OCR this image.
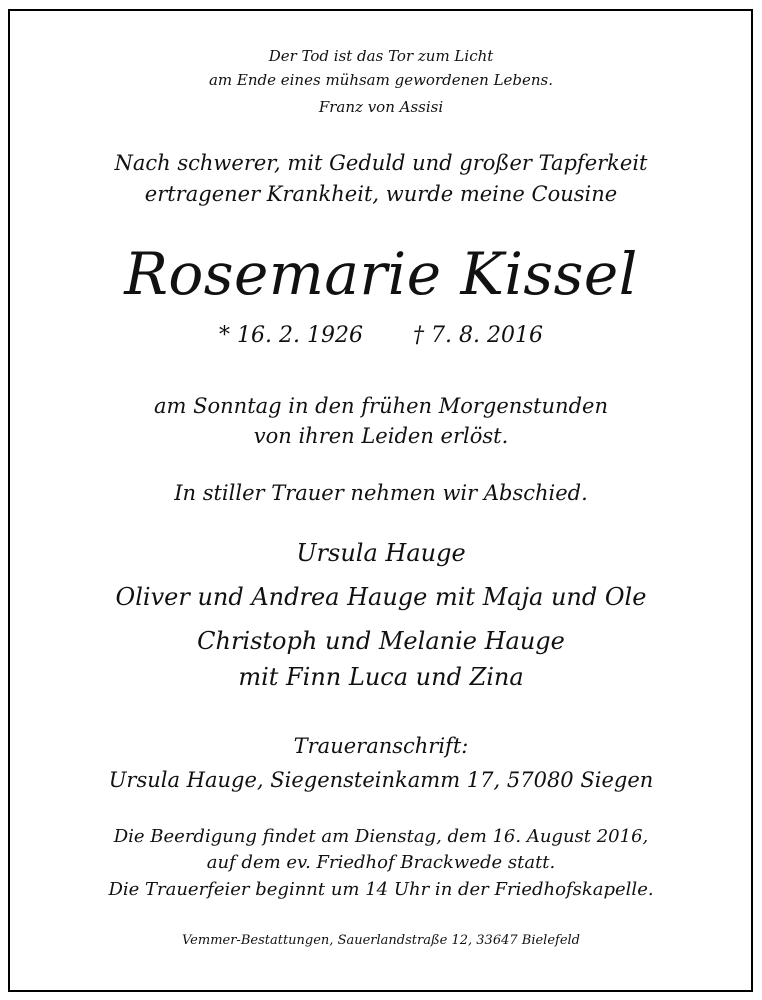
Der Tod ist das Tor zum Licht

am Ende eines mühsam gewordenen Lebens.

Franz von Assisi

Nach schwerer, mit Geduld und großer Tapferkeit

ertragener Krankheit, wurde meine Cousine

Rosemarie Kissel

* 16. 2. 1926 † 7. 8. 2016

am Sonntag in den frühen Morgenstunden

von ihren Leiden erlöst.

In stiller Trauer nehmen wir Abschied.

Ursula Hauge

Oliver und Andrea Hauge mit Maja und Ole

Christoph und Melanie Hauge

mit Finn Luca und Zina

Traueranschrift:

Ursula Hauge, Siegensteinkamm 17, 57080 Siegen

Die Beerdigung findet am Dienstag, dem 16. August 2016,

auf dem ev. Friedhof Brackwede statt.

Die Trauerfeier beginnt um 14 Uhr in der Friedhofskapelle.

Vemmer-Bestattungen, Sauerlandstraße 12, 33647 Bielefeld
